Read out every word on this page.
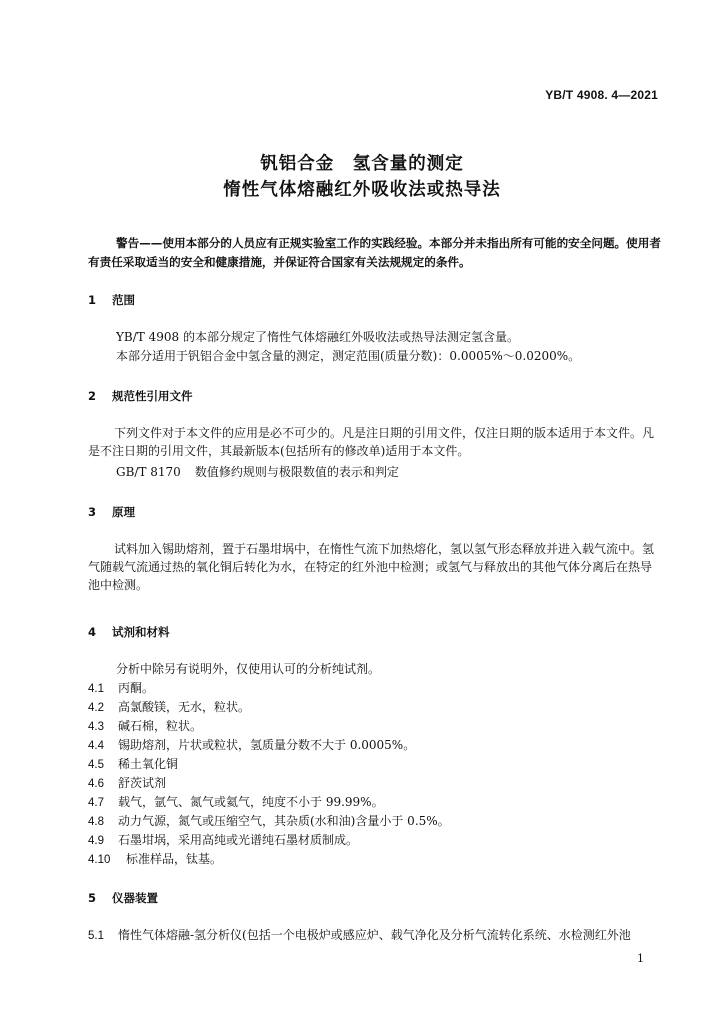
YB/T 4908. 4—2021
钒铝合金　氢含量的测定
惰性气体熔融红外吸收法或热导法
警告——使用本部分的人员应有正规实验室工作的实践经验。本部分并未指出所有可能的安全问题。使用者有责任采取适当的安全和健康措施，并保证符合国家有关法规规定的条件。
1 范围
YB/T 4908 的本部分规定了惰性气体熔融红外吸收法或热导法测定氢含量。
本部分适用于钒铝合金中氢含量的测定，测定范围(质量分数)：0.0005%～0.0200%。
2 规范性引用文件
下列文件对于本文件的应用是必不可少的。凡是注日期的引用文件，仅注日期的版本适用于本文件。凡是不注日期的引用文件，其最新版本(包括所有的修改单)适用于本文件。
GB/T 8170 数值修约规则与极限数值的表示和判定
3 原理
试料加入锡助熔剂，置于石墨坩埚中，在惰性气流下加热熔化，氢以氢气形态释放并进入载气流中。氢气随载气流通过热的氧化铜后转化为水，在特定的红外池中检测；或氢气与释放出的其他气体分离后在热导池中检测。
4 试剂和材料
分析中除另有说明外，仅使用认可的分析纯试剂。
4.1 丙酮。
4.2 高氯酸镁，无水，粒状。
4.3 碱石棉，粒状。
4.4 锡助熔剂，片状或粒状，氢质量分数不大于 0.0005%。
4.5 稀土氧化铜
4.6 舒茨试剂
4.7 载气，氩气、氮气或氦气，纯度不小于 99.99%。
4.8 动力气源，氮气或压缩空气，其杂质(水和油)含量小于 0.5%。
4.9 石墨坩埚，采用高纯或光谱纯石墨材质制成。
4.10 标准样品，钛基。
5 仪器装置
5.1 惰性气体熔融-氢分析仪(包括一个电极炉或感应炉、载气净化及分析气流转化系统、水检测红外池
1
